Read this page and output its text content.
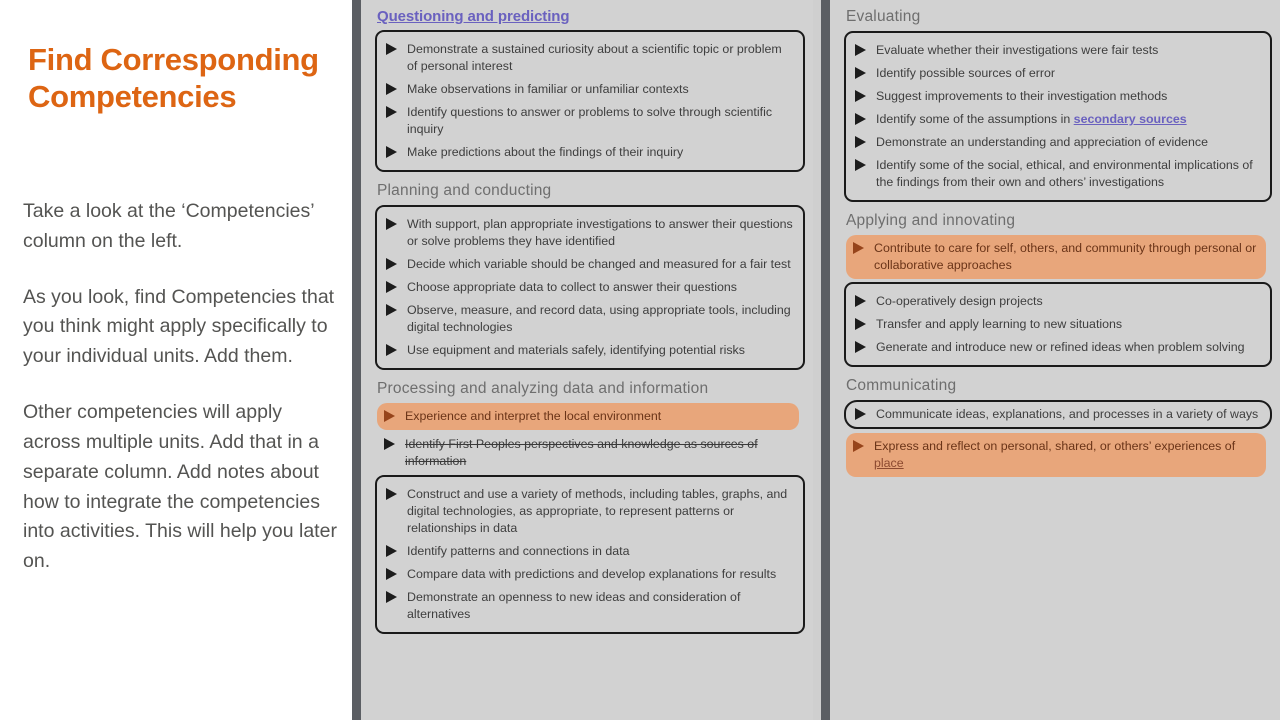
Find Corresponding Competencies

Take a look at the ‘Competencies’ column on the left.

As you look, find Competencies that you think might apply specifically to your individual units. Add them.

Other competencies will apply across multiple units. Add that in a separate column. Add notes about how to integrate the competencies into activities. This will help you later on.

Questioning and predicting
Demonstrate a sustained curiosity about a scientific topic or problem of personal interest
Make observations in familiar or unfamiliar contexts
Identify questions to answer or problems to solve through scientific inquiry
Make predictions about the findings of their inquiry
Planning and conducting
With support, plan appropriate investigations to answer their questions or solve problems they have identified
Decide which variable should be changed and measured for a fair test
Choose appropriate data to collect to answer their questions
Observe, measure, and record data, using appropriate tools, including digital technologies
Use equipment and materials safely, identifying potential risks
Processing and analyzing data and information
Experience and interpret the local environment
Identify First Peoples perspectives and knowledge as sources of information
Construct and use a variety of methods, including tables, graphs, and digital technologies, as appropriate, to represent patterns or relationships in data
Identify patterns and connections in data
Compare data with predictions and develop explanations for results
Demonstrate an openness to new ideas and consideration of alternatives
Evaluating
Evaluate whether their investigations were fair tests
Identify possible sources of error
Suggest improvements to their investigation methods
Identify some of the assumptions in secondary sources
Demonstrate an understanding and appreciation of evidence
Identify some of the social, ethical, and environmental implications of the findings from their own and others’ investigations
Applying and innovating
Contribute to care for self, others, and community through personal or collaborative approaches
Co-operatively design projects
Transfer and apply learning to new situations
Generate and introduce new or refined ideas when problem solving
Communicating
Communicate ideas, explanations, and processes in a variety of ways
Express and reflect on personal, shared, or others’ experiences of place
